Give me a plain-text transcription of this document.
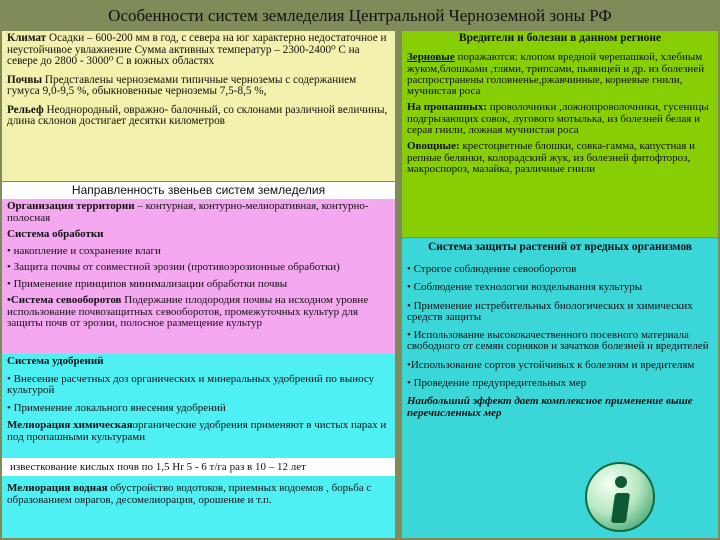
Особенности систем земледелия Центральной Черноземной зоны РФ

Климат Осадки – 600-200 мм в год, с севера на юг характерно недостаточное и неустойчивое увлажнение Сумма активных температур – 2300-2400⁰ С на севере до 2800 - 3000⁰ С в южных областях

Почвы Представлены черноземами типичные черноземы с содержанием гумуса 9,0-9,5 %, обыкновенные черноземы 7,5-8,5 %,

Рельеф Неоднородный, овражно- балочный, со склонами различной величины, длина склонов достигает десятки километров

Направленность звеньев систем земледелия

Организация территории – контурная, контурно-мелиоративная, контурно-полосная

Система обработки

• накопление и сохранение влаги

• Защита почвы от совместной эрозии (противоэрозионные обработки)

• Применение принципов минимализации обработки почвы

•Система севооборотов Подержание плодородия почвы на исходном уровне использование почвозащитных севооборотов, промежуточных культур для защиты почв от эрозии, полосное размещение культур

Система удобрений

• Внесение расчетных доз органических и минеральных удобрений по выносу культурой

• Применение локального внесения удобрений

Мелиорация химическаяорганические удобрения применяют в чистых парах и под пропашными культурами

известкование кислых почв по 1,5 Hr 5 - 6 т/га раз в 10 – 12 лет

Мелиорация водная обустройство водотоков, приемных водоемов , борьба с образованием оврагов, десомелиорация, орошение и т.п.

Вредители и болезни в данном регионе

Зерновые поражаются: клопом вредной черепашкой, хлебным жуком,блошками ,тлями, трипсами, пьявицей и др. из болезней распространены головненье,ржавчинные, корневые гнили, мучнистая роса

На пропашных: проволочники ,ложнопроволочники, гусеницы подгрызающих совок, лугового мотылька, из болезней белая и серая гнили, ложная мучнистая роса

Овощные: крестоцветные блошки, совка-гамма, капустная и репные белянки, колорадский жук, из болезней фитофтороз, макроспороз, мазайка, различные гнили

Система защиты растений от вредных организмов

• Строгое соблюдение севооборотов

• Соблюдение технологии возделывания культуры

• Применение истребительных биологических и химических средств защиты

• Использование высококачественного посевного материала свободного от семян сорняков и зачатков болезней и вредителей

•Использование сортов устойчивых к болезням и вредителям

• Проведение предупредительных мер

Наибольший эффект дает комплексное применение выше перечисленных мер
